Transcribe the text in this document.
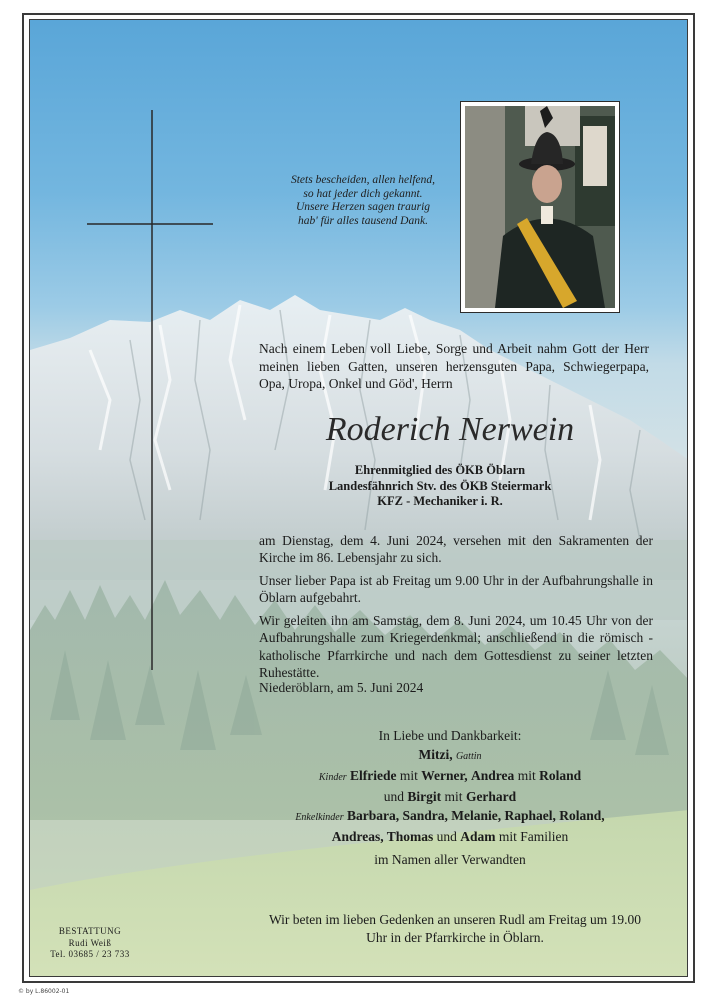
Stets bescheiden, allen helfend,
so hat jeder dich gekannt.
Unsere Herzen sagen traurig
hab' für alles tausend Dank.
Nach einem Leben voll Liebe, Sorge und Arbeit nahm Gott der Herr meinen lieben Gatten, unseren herzensguten Papa, Schwiegerpapa, Opa, Uropa, Onkel und Göd', Herrn
Roderich Nerwein
Ehrenmitglied des ÖKB Öblarn
Landesfähnrich Stv. des ÖKB Steiermark
KFZ - Mechaniker i. R.
am Dienstag, dem 4. Juni 2024, versehen mit den Sakramenten der Kirche im 86. Lebensjahr zu sich.
Unser lieber Papa ist ab Freitag um 9.00 Uhr in der Aufbahrungshalle in Öblarn aufgebahrt.
Wir geleiten ihn am Samstag, dem 8. Juni 2024, um 10.45 Uhr von der Aufbahrungshalle zum Kriegerdenkmal; anschließend in die römisch - katholische Pfarrkirche und nach dem Gottesdienst zu seiner letzten Ruhestätte.
Niederöblarn, am 5. Juni 2024
In Liebe und Dankbarkeit:
Mitzi, Gattin
Kinder Elfriede mit Werner, Andrea mit Roland
und Birgit mit Gerhard
Enkelkinder Barbara, Sandra, Melanie, Raphael, Roland,
Andreas, Thomas und Adam mit Familien
im Namen aller Verwandten
Wir beten im lieben Gedenken an unseren Rudl am Freitag um 19.00 Uhr in der Pfarrkirche in Öblarn.
BESTATTUNG
Rudi Weiß
Tel. 03685 / 23 733
© by L.86002-01
